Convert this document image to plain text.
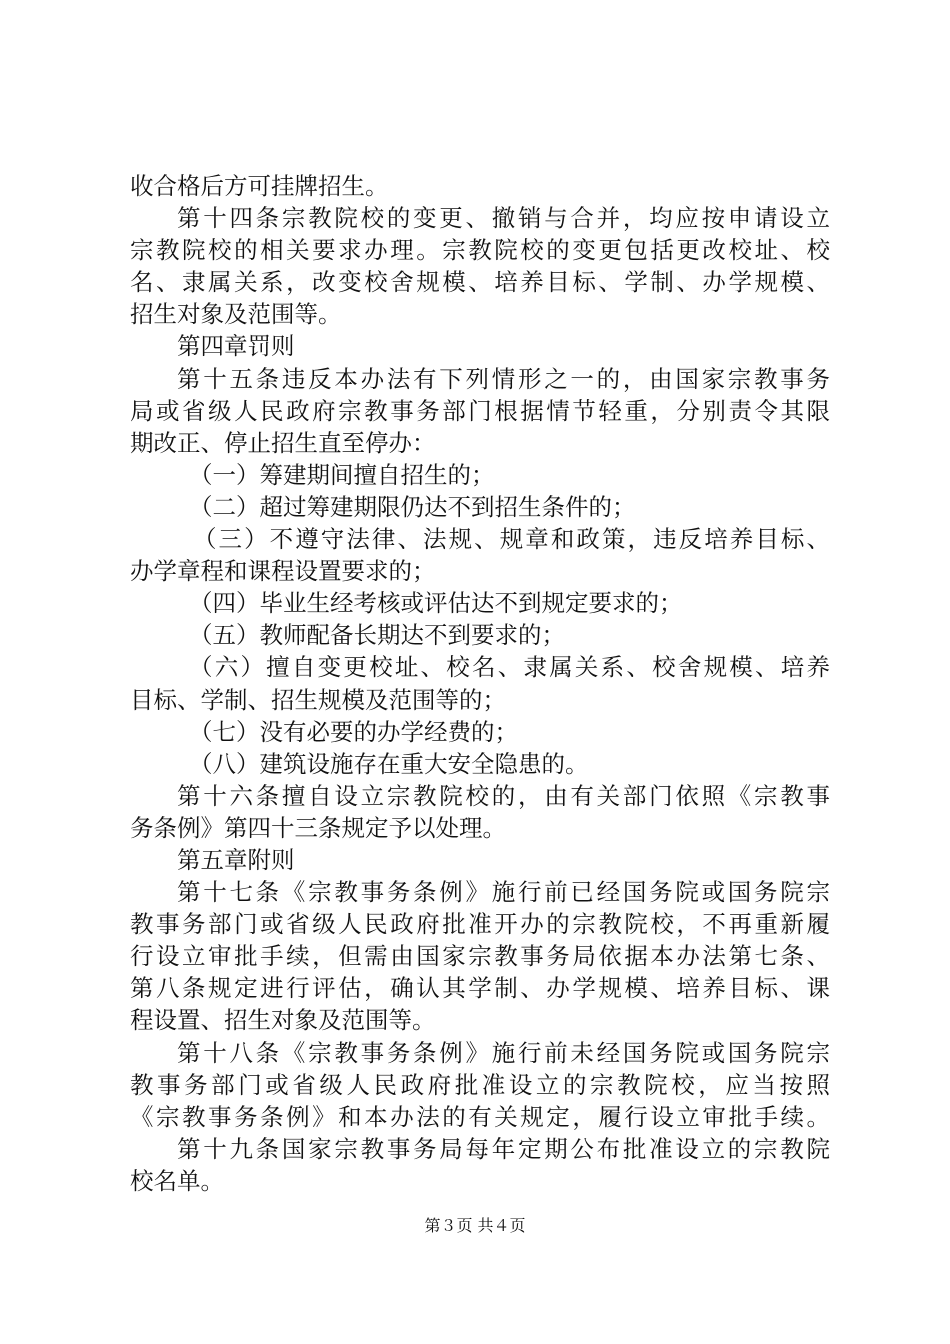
收合格后方可挂牌招生。
第十四条宗教院校的变更、撤销与合并，均应按申请设立
宗教院校的相关要求办理。宗教院校的变更包括更改校址、校
名、隶属关系，改变校舍规模、培养目标、学制、办学规模、
招生对象及范围等。
第四章罚则
第十五条违反本办法有下列情形之一的，由国家宗教事务
局或省级人民政府宗教事务部门根据情节轻重，分别责令其限
期改正、停止招生直至停办：
（一）筹建期间擅自招生的；
（二）超过筹建期限仍达不到招生条件的；
（三）不遵守法律、法规、规章和政策，违反培养目标、
办学章程和课程设置要求的；
（四）毕业生经考核或评估达不到规定要求的；
（五）教师配备长期达不到要求的；
（六）擅自变更校址、校名、隶属关系、校舍规模、培养
目标、学制、招生规模及范围等的；
（七）没有必要的办学经费的；
（八）建筑设施存在重大安全隐患的。
第十六条擅自设立宗教院校的，由有关部门依照《宗教事
务条例》第四十三条规定予以处理。
第五章附则
第十七条《宗教事务条例》施行前已经国务院或国务院宗
教事务部门或省级人民政府批准开办的宗教院校，不再重新履
行设立审批手续，但需由国家宗教事务局依据本办法第七条、
第八条规定进行评估，确认其学制、办学规模、培养目标、课
程设置、招生对象及范围等。
第十八条《宗教事务条例》施行前未经国务院或国务院宗
教事务部门或省级人民政府批准设立的宗教院校，应当按照
《宗教事务条例》和本办法的有关规定，履行设立审批手续。
第十九条国家宗教事务局每年定期公布批准设立的宗教院
校名单。
第３页 共４页
